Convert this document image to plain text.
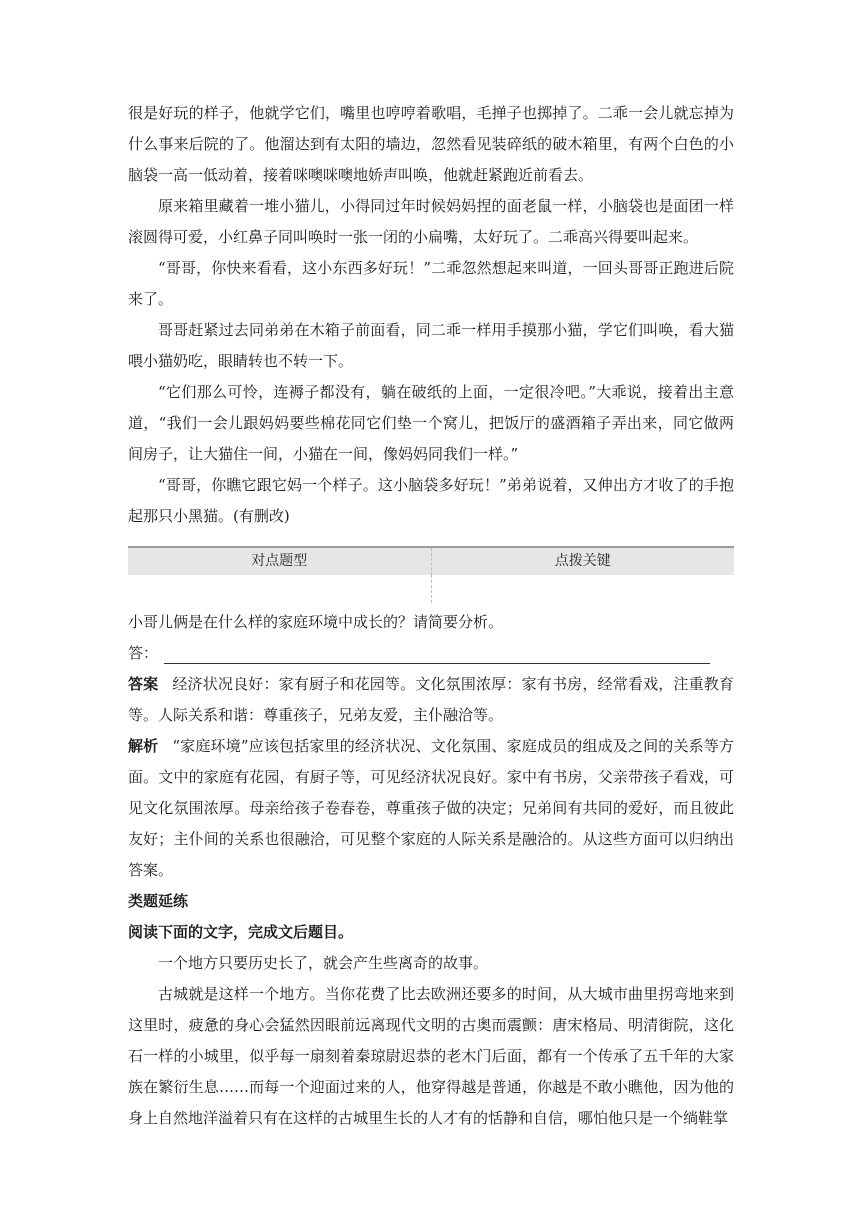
很是好玩的样子，他就学它们，嘴里也哼哼着歌唱，毛掸子也掷掉了。二乖一会儿就忘掉为什么事来后院的了。他溜达到有太阳的墙边，忽然看见装碎纸的破木箱里，有两个白色的小脑袋一高一低动着，接着咪噢咪噢地娇声叫唤，他就赶紧跑近前看去。

原来箱里藏着一堆小猫儿，小得同过年时候妈妈捏的面老鼠一样，小脑袋也是面团一样滚圆得可爱，小红鼻子同叫唤时一张一闭的小扁嘴，太好玩了。二乖高兴得要叫起来。

“哥哥，你快来看看，这小东西多好玩！”二乖忽然想起来叫道，一回头哥哥正跑进后院来了。

哥哥赶紧过去同弟弟在木箱子前面看，同二乖一样用手摸那小猫，学它们叫唤，看大猫喂小猫奶吃，眼睛转也不转一下。

“它们那么可怜，连褥子都没有，躺在破纸的上面，一定很冷吧。”大乖说，接着出主意道，“我们一会儿跟妈妈要些棉花同它们垫一个窝儿，把饭厅的盛酒箱子弄出来，同它做两间房子，让大猫住一间，小猫在一间，像妈妈同我们一样。”

“哥哥，你瞧它跟它妈一个样子。这小脑袋多好玩！”弟弟说着，又伸出方才收了的手抱起那只小黑猫。(有删改)

对点题型	点拨关键

小哥儿俩是在什么样的家庭环境中成长的？请简要分析。

答：

答案 经济状况良好：家有厨子和花园等。文化氛围浓厚：家有书房，经常看戏，注重教育等。人际关系和谐：尊重孩子，兄弟友爱，主仆融洽等。

解析 “家庭环境”应该包括家里的经济状况、文化氛围、家庭成员的组成及之间的关系等方面。文中的家庭有花园，有厨子等，可见经济状况良好。家中有书房，父亲带孩子看戏，可见文化氛围浓厚。母亲给孩子卷春卷，尊重孩子做的决定；兄弟间有共同的爱好，而且彼此友好；主仆间的关系也很融洽，可见整个家庭的人际关系是融洽的。从这些方面可以归纳出答案。

类题延练

阅读下面的文字，完成文后题目。

一个地方只要历史长了，就会产生些离奇的故事。

古城就是这样一个地方。当你花费了比去欧洲还要多的时间，从大城市曲里拐弯地来到这里时，疲惫的身心会猛然因眼前远离现代文明的古奥而震颤：唐宋格局、明清街院，这化石一样的小城里，似乎每一扇刻着秦琼尉迟恭的老木门后面，都有一个传承了五千年的大家族在繁衍生息……而每一个迎面过来的人，他穿得越是普通，你越是不敢小瞧他，因为他的身上自然地洋溢着只有在这样的古城里生长的人才有的恬静和自信，哪怕他只是一个绱鞋掌
